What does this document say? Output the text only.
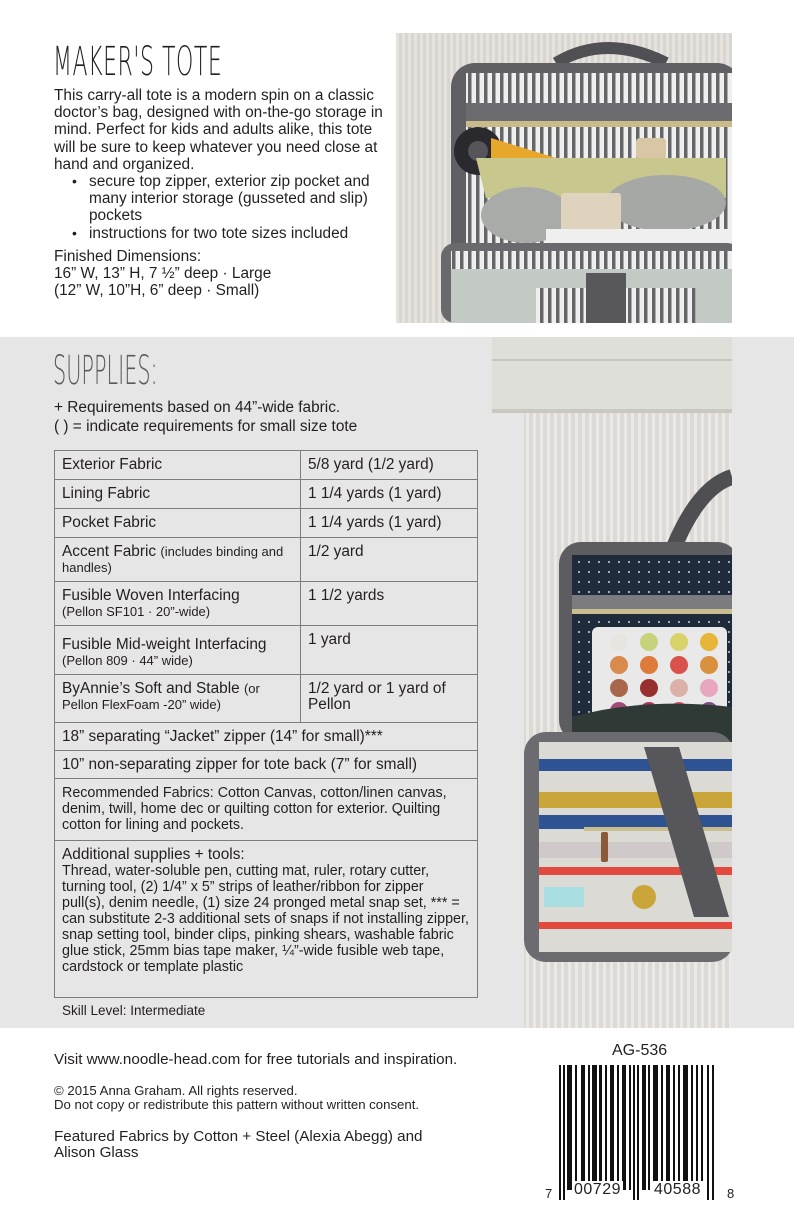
MAKER'S TOTE

This carry-all tote is a modern spin on a classic doctor’s bag, designed with on-the-go storage in mind. Perfect for kids and adults alike, this tote will be sure to keep whatever you need close at hand and organized.

• secure top zipper, exterior zip pocket and many interior storage (gusseted and slip) pockets
• instructions for two tote sizes included
Finished Dimensions:
16” W, 13” H, 7 ½” deep · Large
(12” W, 10”H, 6” deep · Small)
SUPPLIES:
+ Requirements based on 44”-wide fabric.
( ) = indicate requirements for small size tote
Exterior Fabric	5/8 yard (1/2 yard)
Lining Fabric	1 1/4 yards (1 yard)
Pocket Fabric	1 1/4 yards (1 yard)
Accent Fabric (includes binding and handles)	1/2 yard
Fusible Woven Interfacing
(Pellon SF101 · 20”-wide)	1 1/2 yards
Fusible Mid-weight Interfacing
(Pellon 809 · 44” wide)	1 yard
ByAnnie’s Soft and Stable (or Pellon FlexFoam -20” wide)	1/2 yard or 1 yard of Pellon
18” separating “Jacket” zipper (14” for small)***	
10” non-separating zipper for tote back (7” for small)	
Recommended Fabrics: Cotton Canvas, cotton/linen canvas, denim, twill, home dec or quilting cotton for exterior. Quilting cotton for lining and pockets.	

Additional supplies + tools:
Thread, water-soluble pen, cutting mat, ruler, rotary cutter, turning tool, (2) 1/4” x 5” strips of leather/ribbon for zipper pull(s), denim needle, (1) size 24 pronged metal snap set, *** = can substitute 2-3 additional sets of snaps if not installing zipper, snap setting tool, binder clips, pinking shears, washable fabric glue stick, 25mm bias tape maker, ¼”-wide fusible web tape, cardstock or template plastic	
Skill Level: Intermediate
Visit www.noodle-head.com for free tutorials and inspiration.
© 2015 Anna Graham. All rights reserved.
Do not copy or redistribute this pattern without written consent.
Featured Fabrics by Cotton + Steel (Alexia Abegg) and
Alison Glass
AG-536
7 00729 40588 8
